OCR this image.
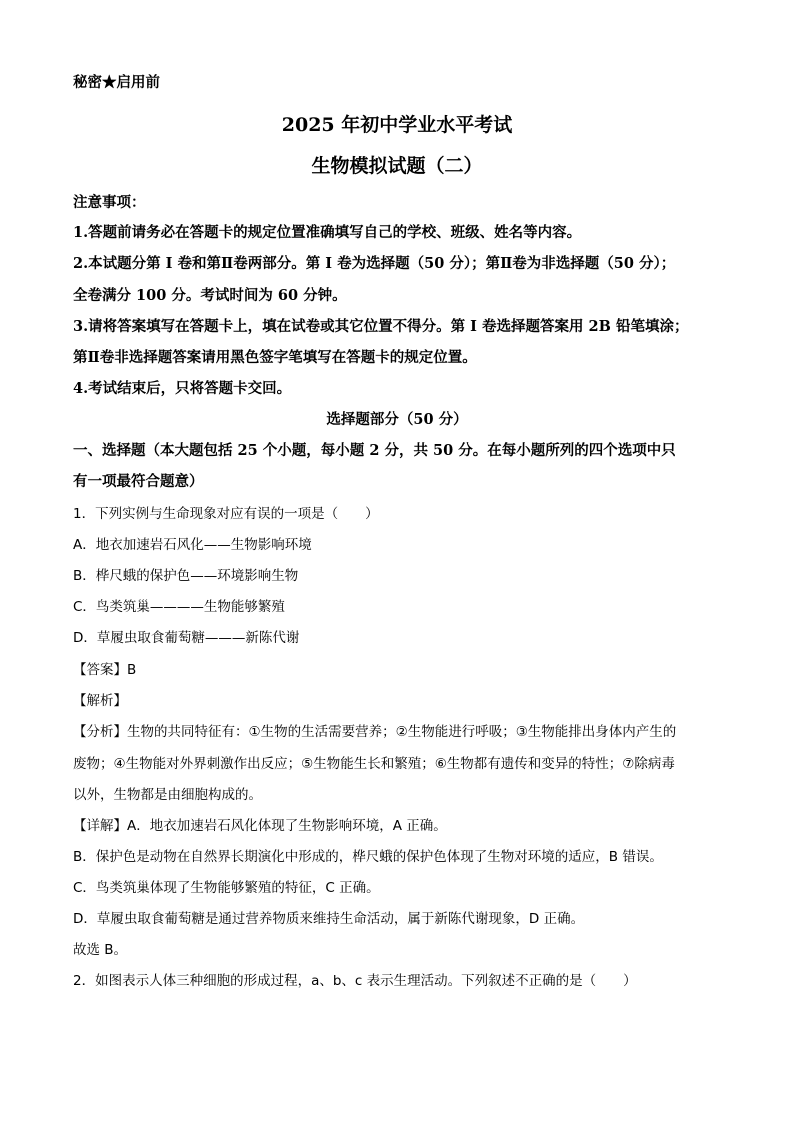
秘密★启用前
2025 年初中学业水平考试
生物模拟试题（二）
注意事项：
1.答题前请务必在答题卡的规定位置准确填写自己的学校、班级、姓名等内容。
2.本试题分第 I 卷和第Ⅱ卷两部分。第 I 卷为选择题（50 分）；第Ⅱ卷为非选择题（50 分）；
全卷满分 100 分。考试时间为 60 分钟。
3.请将答案填写在答题卡上，填在试卷或其它位置不得分。第 I 卷选择题答案用 2B 铅笔填涂；
第Ⅱ卷非选择题答案请用黑色签字笔填写在答题卡的规定位置。
4.考试结束后，只将答题卡交回。
选择题部分（50 分）
一、选择题（本大题包括 25 个小题，每小题 2 分，共 50 分。在每小题所列的四个选项中只
有一项最符合题意）
1．下列实例与生命现象对应有误的一项是（　　）
A．地衣加速岩石风化——生物影响环境
B．桦尺蛾的保护色——环境影响生物
C．鸟类筑巢————生物能够繁殖
D．草履虫取食葡萄糖———新陈代谢
【答案】B
【解析】
【分析】生物的共同特征有：①生物的生活需要营养；②生物能进行呼吸；③生物能排出身体内产生的
废物；④生物能对外界刺激作出反应；⑤生物能生长和繁殖；⑥生物都有遗传和变异的特性；⑦除病毒
以外，生物都是由细胞构成的。
【详解】A．地衣加速岩石风化体现了生物影响环境，A 正确。
B．保护色是动物在自然界长期演化中形成的，桦尺蛾的保护色体现了生物对环境的适应，B 错误。
C．鸟类筑巢体现了生物能够繁殖的特征，C 正确。
D．草履虫取食葡萄糖是通过营养物质来维持生命活动，属于新陈代谢现象，D 正确。
故选 B。
2．如图表示人体三种细胞的形成过程，a、b、c 表示生理活动。下列叙述不正确的是（　　）
